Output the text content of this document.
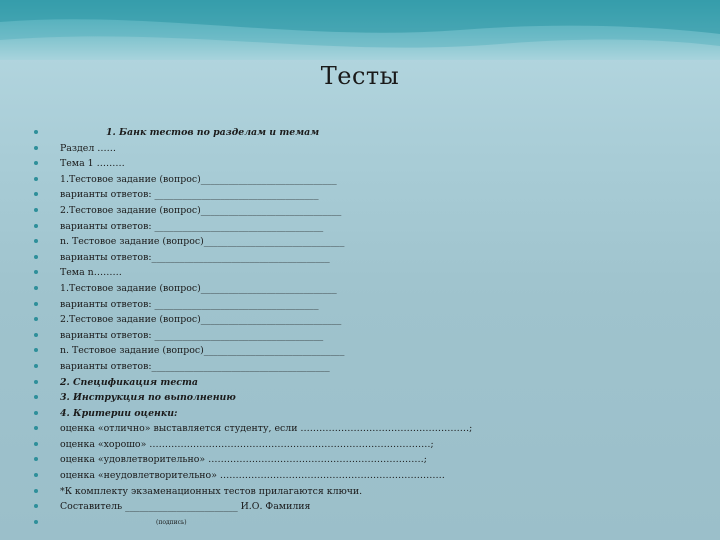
Тесты
1. Банк тестов по разделам и темам
Раздел ……
Тема 1 ………
1.Тестовое задание (вопрос)_____________________________
варианты ответов: ___________________________________
2.Тестовое задание (вопрос)______________________________
варианты ответов: ____________________________________
n. Тестовое задание (вопрос)______________________________
варианты ответов:______________________________________
Тема n………
1.Тестовое задание (вопрос)_____________________________
варианты ответов: ___________________________________
2.Тестовое задание (вопрос)______________________________
варианты ответов: ____________________________________
n. Тестовое задание (вопрос)______________________________
варианты ответов:______________________________________
2. Спецификация теста
3. Инструкция по выполнению
4. Критерии оценки:
оценка «отлично» выставляется студенту, если ………………………………………………;
оценка «хорошо» ………………………………………………………………………………;
оценка «удовлетворительно» ……………………………………………………………;
оценка «неудовлетворительно» ………………………………………………………………
*К комплекту экзаменационных тестов прилагаются ключи.
Составитель ________________________ И.О. Фамилия
$^{(подпись)}$
